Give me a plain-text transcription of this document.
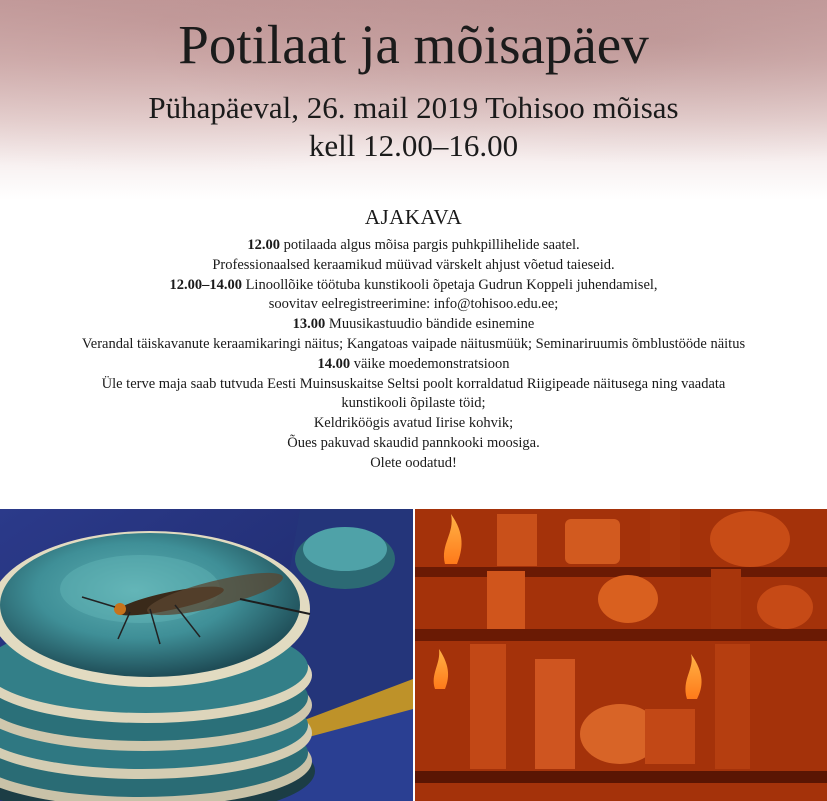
Potilaat ja mõisapäev
Pühapäeval, 26. mail 2019 Tohisoo mõisas
kell 12.00–16.00
AJAKAVA
12.00 potilaada algus mõisa pargis puhkpillihelide saatel.
Professionaalsed keraamikud müüvad värskelt ahjust võetud taieseid.
12.00–14.00 Linoollõike töötuba kunstikooli õpetaja Gudrun Koppeli juhendamisel,
soovitav eelregistreerimine: info@tohisoo.edu.ee;
13.00 Muusikastuudio bändide esinemine
Verandal täiskavanute keraamikaringi näitus; Kangatoas vaipade näitusmüük; Seminariruumis õmblustööde näitus
14.00 väike moedemonstratsioon
Üle terve maja saab tutvuda Eesti Muinsuskaitse Seltsi poolt korraldatud Riigipeade näitusega ning vaadata
kunstikooli õpilaste töid;
Keldriköögis avatud Iirise kohvik;
Õues pakuvad skaudid pannkooki moosiga.
Olete oodatud!
